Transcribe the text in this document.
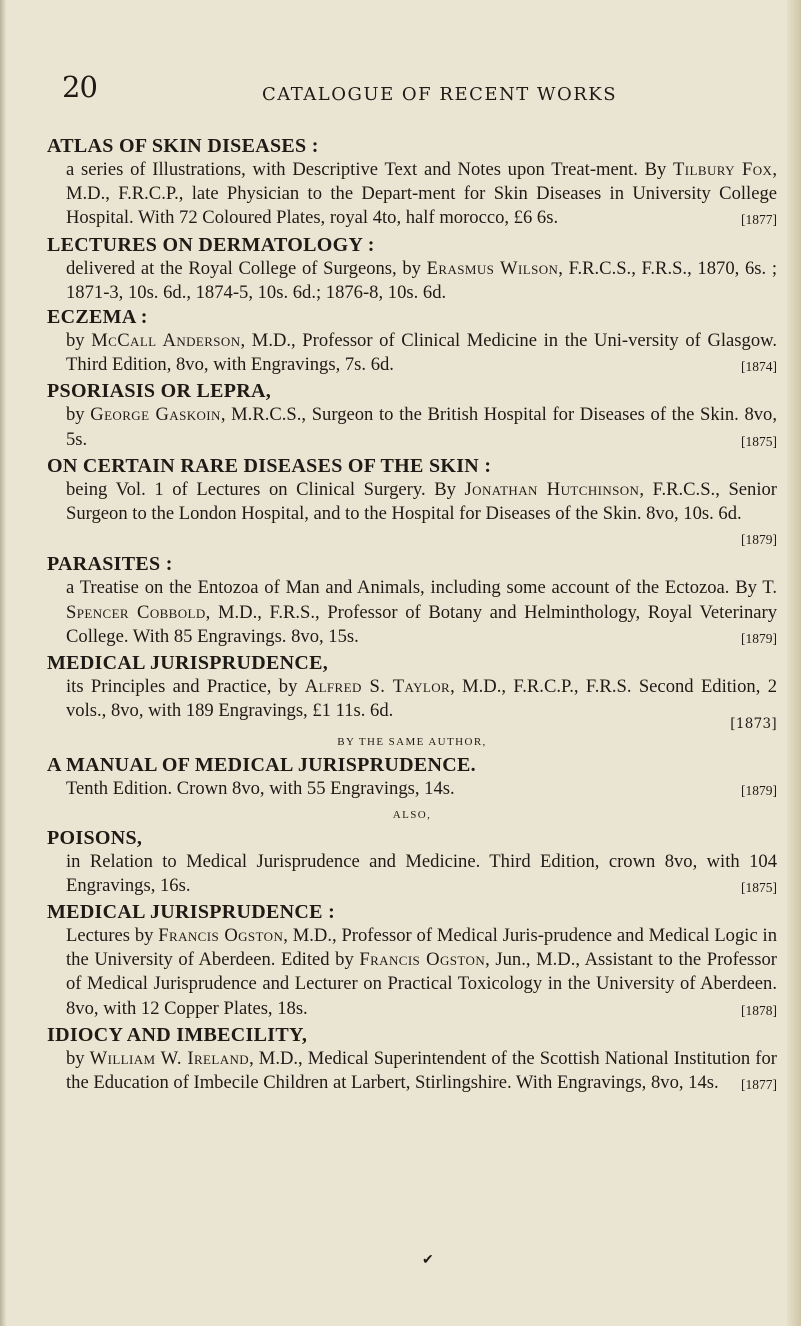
20	CATALOGUE OF RECENT WORKS

ATLAS OF SKIN DISEASES :

a series of Illustrations, with Descriptive Text and Notes upon Treat-ment. By Tilbury Fox, M.D., F.R.C.P., late Physician to the Depart-ment for Skin Diseases in University College Hospital. With 72 Coloured Plates, royal 4to, half morocco, £6 6s.	[1877]

LECTURES ON DERMATOLOGY :

delivered at the Royal College of Surgeons, by Erasmus Wilson, F.R.C.S., F.R.S., 1870, 6s. ; 1871-3, 10s. 6d., 1874-5, 10s. 6d.; 1876-8, 10s. 6d.

ECZEMA :

by McCall Anderson, M.D., Professor of Clinical Medicine in the Uni-versity of Glasgow. Third Edition, 8vo, with Engravings, 7s. 6d.	[1874]

PSORIASIS OR LEPRA,

by George Gaskoin, M.R.C.S., Surgeon to the British Hospital for Diseases of the Skin. 8vo, 5s.	[1875]

ON CERTAIN RARE DISEASES OF THE SKIN :

being Vol. 1 of Lectures on Clinical Surgery. By Jonathan Hutchinson, F.R.C.S., Senior Surgeon to the London Hospital, and to the Hospital for Diseases of the Skin. 8vo, 10s. 6d.
[1879]

PARASITES :

a Treatise on the Entozoa of Man and Animals, including some account of the Ectozoa. By T. Spencer Cobbold, M.D., F.R.S., Professor of Botany and Helminthology, Royal Veterinary College. With 85 Engravings. 8vo, 15s.	[1879]

MEDICAL JURISPRUDENCE,

its Principles and Practice, by Alfred S. Taylor, M.D., F.R.C.P., F.R.S. Second Edition, 2 vols., 8vo, with 189 Engravings, £1 11s. 6d.

[1873]

BY THE SAME AUTHOR,

A MANUAL OF MEDICAL JURISPRUDENCE.

Tenth Edition. Crown 8vo, with 55 Engravings, 14s.	[1879]

ALSO,

POISONS,

in Relation to Medical Jurisprudence and Medicine. Third Edition, crown 8vo, with 104 Engravings, 16s.	[1875]

MEDICAL JURISPRUDENCE :

Lectures by Francis Ogston, M.D., Professor of Medical Juris-prudence and Medical Logic in the University of Aberdeen. Edited by Francis Ogston, Jun., M.D., Assistant to the Professor of Medical Jurisprudence and Lecturer on Practical Toxicology in the University of Aberdeen. 8vo, with 12 Copper Plates, 18s.	[1878]

IDIOCY AND IMBECILITY,

by William W. Ireland, M.D., Medical Superintendent of the Scottish National Institution for the Education of Imbecile Children at Larbert, Stirlingshire. With Engravings, 8vo, 14s. [1877]

✔
